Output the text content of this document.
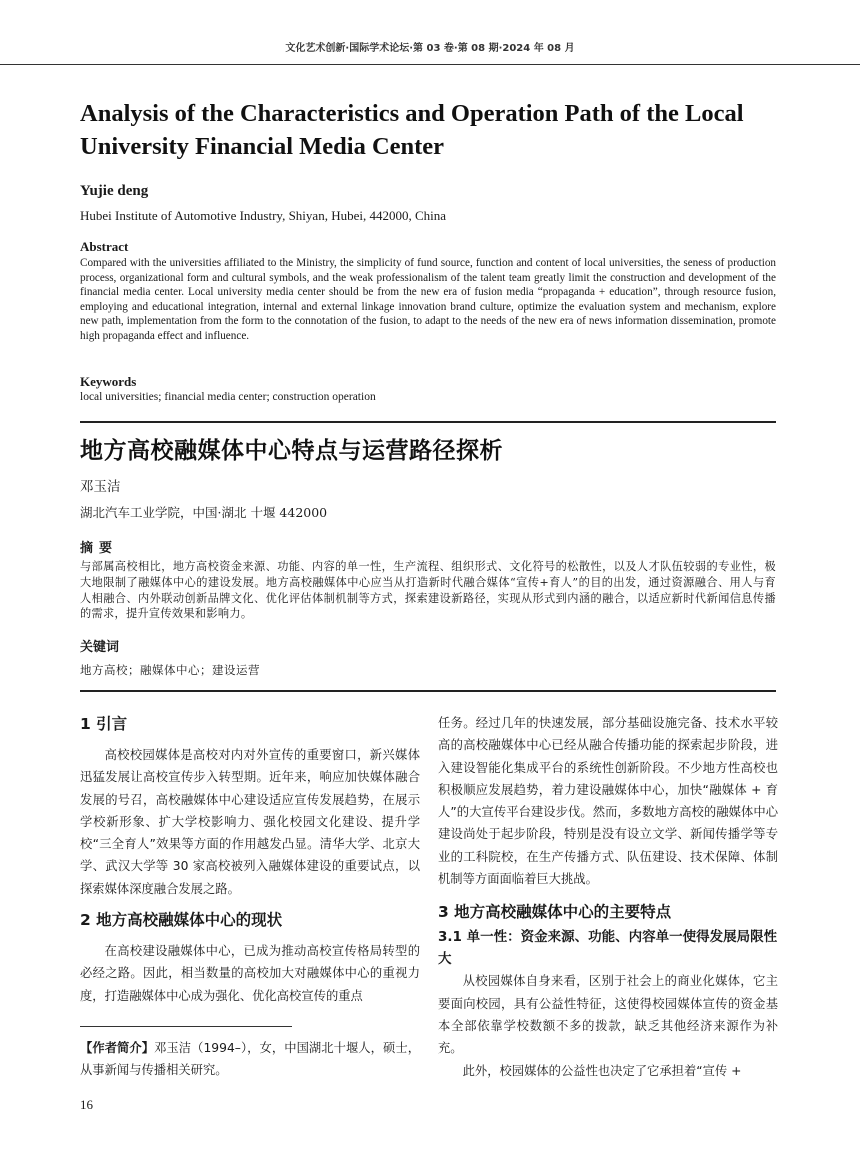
文化艺术创新·国际学术论坛·第 03 卷·第 08 期·2024 年 08 月
Analysis of the Characteristics and Operation Path of the Local University Financial Media Center
Yujie deng
Hubei Institute of Automotive Industry, Shiyan, Hubei, 442000, China
Abstract
Compared with the universities affiliated to the Ministry, the simplicity of fund source, function and content of local universities, the seness of production process, organizational form and cultural symbols, and the weak professionalism of the talent team greatly limit the construction and development of the financial media center. Local university media center should be from the new era of fusion media “propaganda + education”, through resource fusion, employing and educational integration, internal and external linkage innovation brand culture, optimize the evaluation system and mechanism, explore new path, implementation from the form to the connotation of the fusion, to adapt to the needs of the new era of news information dissemination, promote high propaganda effect and influence.
Keywords
local universities; financial media center; construction operation
地方高校融媒体中心特点与运营路径探析
邓玉洁
湖北汽车工业学院，中国·湖北 十堰 442000
摘要
与部属高校相比，地方高校资金来源、功能、内容的单一性，生产流程、组织形式、文化符号的松散性，以及人才队伍较弱的专业性，极大地限制了融媒体中心的建设发展。地方高校融媒体中心应当从打造新时代融合媒体“宣传+育人”的目的出发，通过资源融合、用人与育人相融合、内外联动创新品牌文化、优化评估体制机制等方式，探索建设新路径，实现从形式到内涵的融合，以适应新时代新闻信息传播的需求，提升宣传效果和影响力。
关键词
地方高校；融媒体中心；建设运营
1 引言

高校校园媒体是高校对内对外宣传的重要窗口，新兴媒体迅猛发展让高校宣传步入转型期。近年来，响应加快媒体融合发展的号召，高校融媒体中心建设适应宣传发展趋势，在展示学校新形象、扩大学校影响力、强化校园文化建设、提升学校“三全育人”效果等方面的作用越发凸显。清华大学、北京大学、武汉大学等 30 家高校被列入融媒体建设的重要试点，以探索媒体深度融合发展之路。

2 地方高校融媒体中心的现状

在高校建设融媒体中心，已成为推动高校宣传格局转型的必经之路。因此，相当数量的高校加大对融媒体中心的重视力度，打造融媒体中心成为强化、优化高校宣传的重点

任务。经过几年的快速发展，部分基础设施完备、技术水平较高的高校融媒体中心已经从融合传播功能的探索起步阶段，进入建设智能化集成平台的系统性创新阶段。不少地方性高校也积极顺应发展趋势，着力建设融媒体中心，加快“融媒体 + 育人”的大宣传平台建设步伐。然而，多数地方高校的融媒体中心建设尚处于起步阶段，特别是没有设立文学、新闻传播学等专业的工科院校，在生产传播方式、队伍建设、技术保障、体制机制等方面面临着巨大挑战。

3 地方高校融媒体中心的主要特点
3.1 单一性：资金来源、功能、内容单一使得发展局限性大

从校园媒体自身来看，区别于社会上的商业化媒体，它主要面向校园，具有公益性特征，这使得校园媒体宣传的资金基本全部依靠学校数额不多的拨款，缺乏其他经济来源作为补充。

此外，校园媒体的公益性也决定了它承担着“宣传 +

【作者简介】邓玉洁（1994–），女，中国湖北十堰人，硕士，从事新闻与传播相关研究。
16
